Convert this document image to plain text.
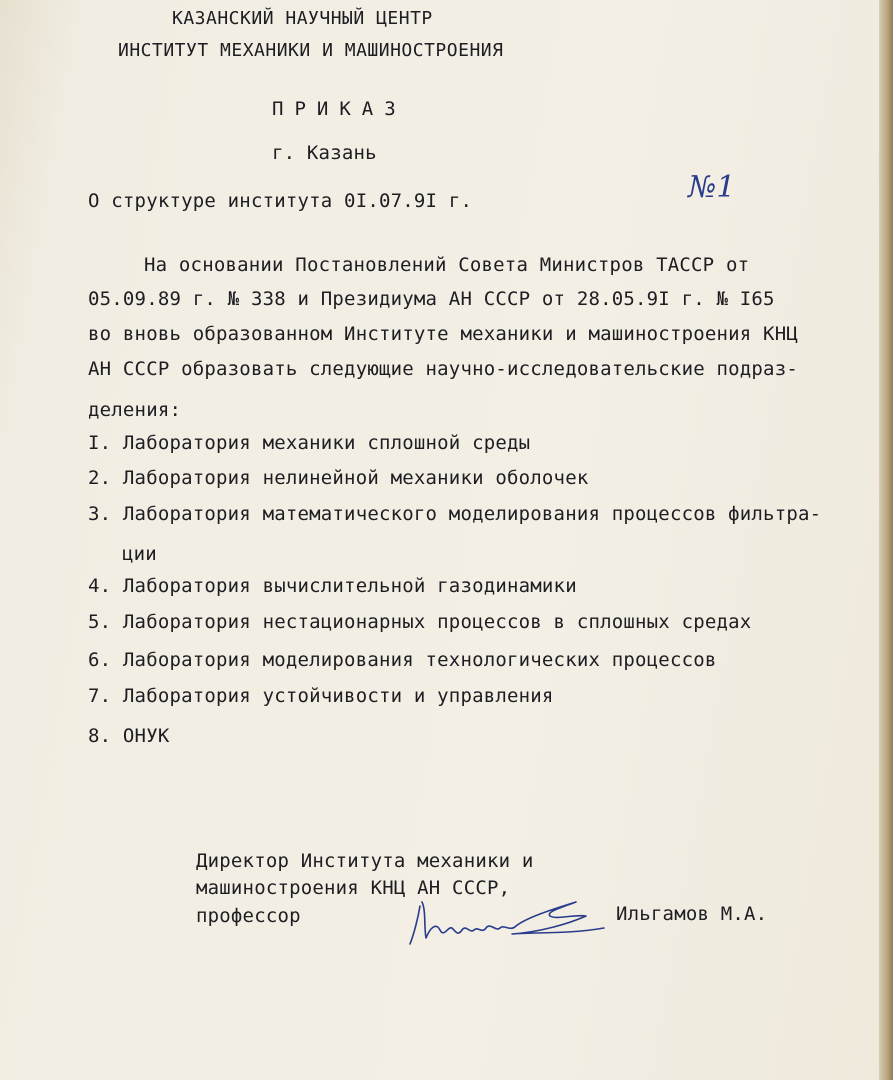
КАЗАНСКИЙ НАУЧНЫЙ ЦЕНТР
ИНСТИТУТ МЕХАНИКИ И МАШИНОСТРОЕНИЯ
ПРИКАЗ
г. Казань
О структуре института 0I.07.9I г.	№1
На основании Постановлений Совета Министров ТАССР от
05.09.89 г. № 338 и Президиума АН СССР от 28.05.9I г. № I65
во вновь образованном Институте механики и машиностроения КНЦ
АН СССР образовать следующие научно-исследовательские подраз-
деления:
I. Лаборатория механики сплошной среды
2. Лаборатория нелинейной механики оболочек
3. Лаборатория математического моделирования процессов фильтра-
ции
4. Лаборатория вычислительной газодинамики
5. Лаборатория нестационарных процессов в сплошных средах
6. Лаборатория моделирования технологических процессов
7. Лаборатория устойчивости и управления
8. ОНУК
Директор Института механики и
машиностроения КНЦ АН СССР,
профессор	Ильгамов М.А.
